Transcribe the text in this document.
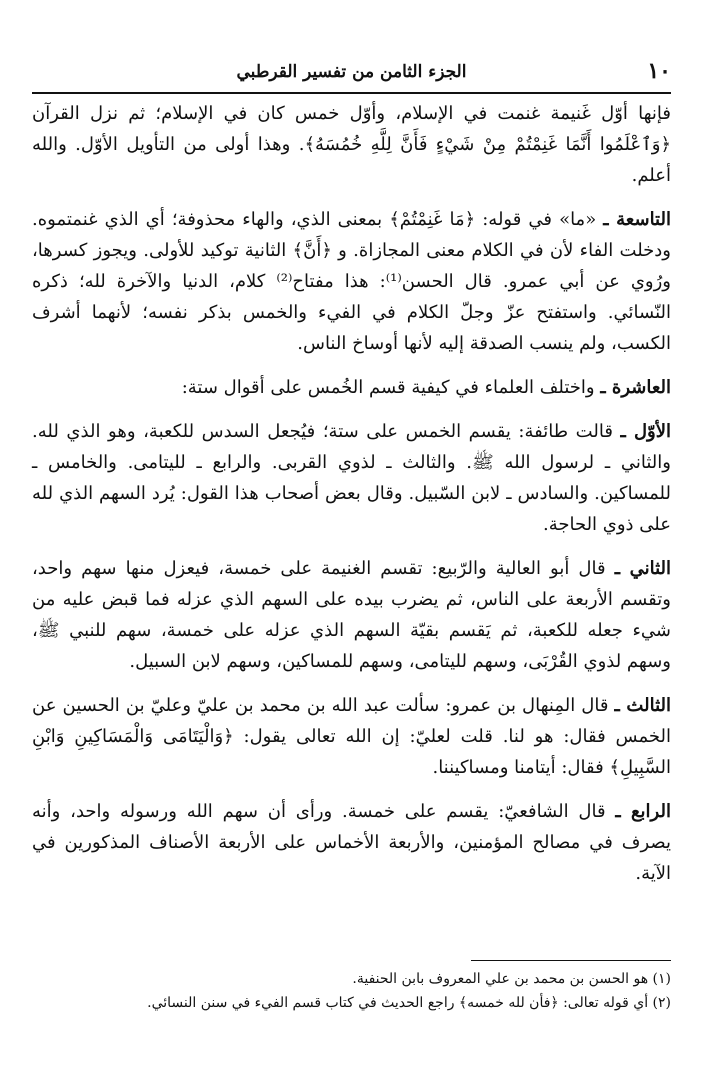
١٠
الجزء الثامن من تفسير القرطبي

فإنها أوّل غَنيمة غنمت في الإسلام، وأوّل خمس كان في الإسلام؛ ثم نزل القرآن ﴿وَٱعْلَمُوا أَنَّمَا غَنِمْتُمْ مِنْ شَيْءٍ فَأَنَّ لِلَّهِ خُمُسَهُ﴾. وهذا أولى من التأويل الأوّل. والله أعلم.

التاسعة ـ «ما» في قوله: ﴿مَا غَنِمْتُمْ﴾ بمعنى الذي، والهاء محذوفة؛ أي الذي غنمتموه. ودخلت الفاء لأن في الكلام معنى المجازاة. و ﴿أَنَّ﴾ الثانية توكيد للأولى. ويجوز كسرها، ورُوي عن أبي عمرو. قال الحسن⁽¹⁾: هذا مفتاح⁽²⁾ كلام، الدنيا والآخرة لله؛ ذكره النّسائي. واستفتح عزّ وجلّ الكلام في الفيء والخمس بذكر نفسه؛ لأنهما أشرف الكسب، ولم ينسب الصدقة إليه لأنها أوساخ الناس.

العاشرة ـ واختلف العلماء في كيفية قسم الخُمس على أقوال ستة:

الأوّل ـ قالت طائفة: يقسم الخمس على ستة؛ فيُجعل السدس للكعبة، وهو الذي لله. والثاني ـ لرسول الله ﷺ. والثالث ـ لذوي القربى. والرابع ـ لليتامى. والخامس ـ للمساكين. والسادس ـ لابن السّبيل. وقال بعض أصحاب هذا القول: يُرد السهم الذي لله على ذوي الحاجة.

الثاني ـ قال أبو العالية والرّبيع: تقسم الغنيمة على خمسة، فيعزل منها سهم واحد، وتقسم الأربعة على الناس، ثم يضرب بيده على السهم الذي عزله فما قبض عليه من شيء جعله للكعبة، ثم يَقسم بقيّة السهم الذي عزله على خمسة، سهم للنبي ﷺ، وسهم لذوي القُرْبَى، وسهم لليتامى، وسهم للمساكين، وسهم لابن السبيل.

الثالث ـ قال المِنهال بن عمرو: سألت عبد الله بن محمد بن عليّ وعليّ بن الحسين عن الخمس فقال: هو لنا. قلت لعليّ: إن الله تعالى يقول: ﴿وَالْيَتَامَى وَالْمَسَاكِينِ وَابْنِ السَّبِيلِ﴾ فقال: أيتامنا ومساكيننا.

الرابع ـ قال الشافعيّ: يقسم على خمسة. ورأى أن سهم الله ورسوله واحد، وأنه يصرف في مصالح المؤمنين، والأربعة الأخماس على الأربعة الأصناف المذكورين في الآية.

(١) هو الحسن بن محمد بن علي المعروف بابن الحنفية.

(٢) أي قوله تعالى: ﴿فأن لله خمسه﴾ راجع الحديث في كتاب قسم الفيء في سنن النسائي.
